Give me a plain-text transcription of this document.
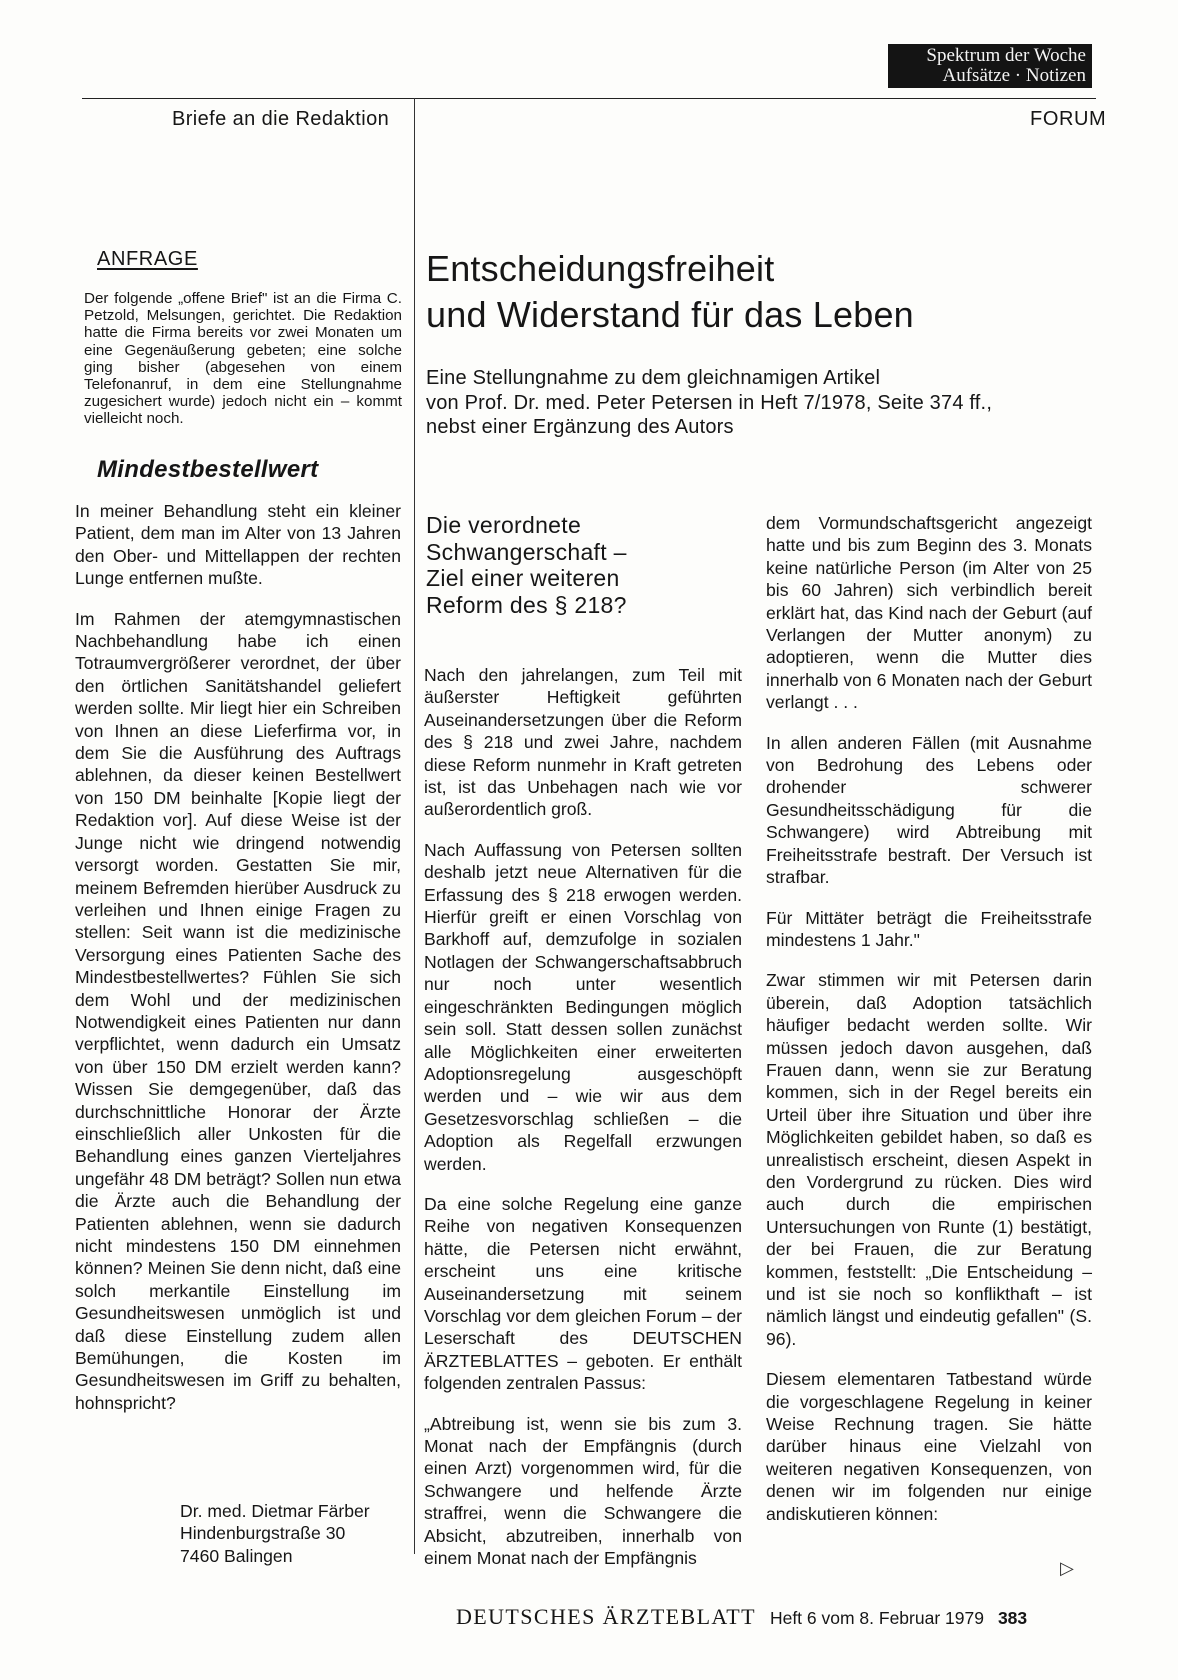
Spektrum der Woche
Aufsätze · Notizen
Briefe an die Redaktion	FORUM
ANFRAGE
Der folgende „offene Brief" ist an die Firma C. Petzold, Melsungen, gerichtet. Die Redaktion hatte die Firma bereits vor zwei Monaten um eine Gegenäußerung gebeten; eine solche ging bisher (abgesehen von einem Telefonanruf, in dem eine Stellungnahme zugesichert wurde) jedoch nicht ein – kommt vielleicht noch.
Mindestbestellwert

In meiner Behandlung steht ein kleiner Patient, dem man im Alter von 13 Jahren den Ober- und Mittellappen der rechten Lunge entfernen mußte.

Im Rahmen der atemgymnastischen Nachbehandlung habe ich einen Totraumvergrößerer verordnet, der über den örtlichen Sanitätshandel geliefert werden sollte. Mir liegt hier ein Schreiben von Ihnen an diese Lieferfirma vor, in dem Sie die Ausführung des Auftrags ablehnen, da dieser keinen Bestellwert von 150 DM beinhalte [Kopie liegt der Redaktion vor]. Auf diese Weise ist der Junge nicht wie dringend notwendig versorgt worden. Gestatten Sie mir, meinem Befremden hierüber Ausdruck zu verleihen und Ihnen einige Fragen zu stellen: Seit wann ist die medizinische Versorgung eines Patienten Sache des Mindestbestellwertes? Fühlen Sie sich dem Wohl und der medizinischen Notwendigkeit eines Patienten nur dann verpflichtet, wenn dadurch ein Umsatz von über 150 DM erzielt werden kann? Wissen Sie demgegenüber, daß das durchschnittliche Honorar der Ärzte einschließlich aller Unkosten für die Behandlung eines ganzen Vierteljahres ungefähr 48 DM beträgt? Sollen nun etwa die Ärzte auch die Behandlung der Patienten ablehnen, wenn sie dadurch nicht mindestens 150 DM einnehmen können? Meinen Sie denn nicht, daß eine solch merkantile Einstellung im Gesundheitswesen unmöglich ist und daß diese Einstellung zudem allen Bemühungen, die Kosten im Gesundheitswesen im Griff zu behalten, hohnspricht?

Dr. med. Dietmar Färber
Hindenburgstraße 30
7460 Balingen
Entscheidungsfreiheit
und Widerstand für das Leben
Eine Stellungnahme zu dem gleichnamigen Artikel
von Prof. Dr. med. Peter Petersen in Heft 7/1978, Seite 374 ff.,
nebst einer Ergänzung des Autors
Die verordnete
Schwangerschaft –
Ziel einer weiteren
Reform des § 218?

Nach den jahrelangen, zum Teil mit äußerster Heftigkeit geführten Auseinandersetzungen über die Reform des § 218 und zwei Jahre, nachdem diese Reform nunmehr in Kraft getreten ist, ist das Unbehagen nach wie vor außerordentlich groß.

Nach Auffassung von Petersen sollten deshalb jetzt neue Alternativen für die Erfassung des § 218 erwogen werden. Hierfür greift er einen Vorschlag von Barkhoff auf, demzufolge in sozialen Notlagen der Schwangerschaftsabbruch nur noch unter wesentlich eingeschränkten Bedingungen möglich sein soll. Statt dessen sollen zunächst alle Möglichkeiten einer erweiterten Adoptionsregelung ausgeschöpft werden und – wie wir aus dem Gesetzesvorschlag schließen – die Adoption als Regelfall erzwungen werden.

Da eine solche Regelung eine ganze Reihe von negativen Konsequenzen hätte, die Petersen nicht erwähnt, erscheint uns eine kritische Auseinandersetzung mit seinem Vorschlag vor dem gleichen Forum – der Leserschaft des DEUTSCHEN ÄRZTEBLATTES – geboten. Er enthält folgenden zentralen Passus:

„Abtreibung ist, wenn sie bis zum 3. Monat nach der Empfängnis (durch einen Arzt) vorgenommen wird, für die Schwangere und helfende Ärzte straffrei, wenn die Schwangere die Absicht, abzutreiben, innerhalb von einem Monat nach der Empfängnis

dem Vormundschaftsgericht angezeigt hatte und bis zum Beginn des 3. Monats keine natürliche Person (im Alter von 25 bis 60 Jahren) sich verbindlich bereit erklärt hat, das Kind nach der Geburt (auf Verlangen der Mutter anonym) zu adoptieren, wenn die Mutter dies innerhalb von 6 Monaten nach der Geburt verlangt . . .

In allen anderen Fällen (mit Ausnahme von Bedrohung des Lebens oder drohender schwerer Gesundheitsschädigung für die Schwangere) wird Abtreibung mit Freiheitsstrafe bestraft. Der Versuch ist strafbar.

Für Mittäter beträgt die Freiheitsstrafe mindestens 1 Jahr."

Zwar stimmen wir mit Petersen darin überein, daß Adoption tatsächlich häufiger bedacht werden sollte. Wir müssen jedoch davon ausgehen, daß Frauen dann, wenn sie zur Beratung kommen, sich in der Regel bereits ein Urteil über ihre Situation und über ihre Möglichkeiten gebildet haben, so daß es unrealistisch erscheint, diesen Aspekt in den Vordergrund zu rücken. Dies wird auch durch die empirischen Untersuchungen von Runte (1) bestätigt, der bei Frauen, die zur Beratung kommen, feststellt: „Die Entscheidung – und ist sie noch so konflikthaft – ist nämlich längst und eindeutig gefallen" (S. 96).

Diesem elementaren Tatbestand würde die vorgeschlagene Regelung in keiner Weise Rechnung tragen. Sie hätte darüber hinaus eine Vielzahl von weiteren negativen Konsequenzen, von denen wir im folgenden nur einige andiskutieren können:

▷
DEUTSCHES ÄRZTEBLATT Heft 6 vom 8. Februar 1979 383
